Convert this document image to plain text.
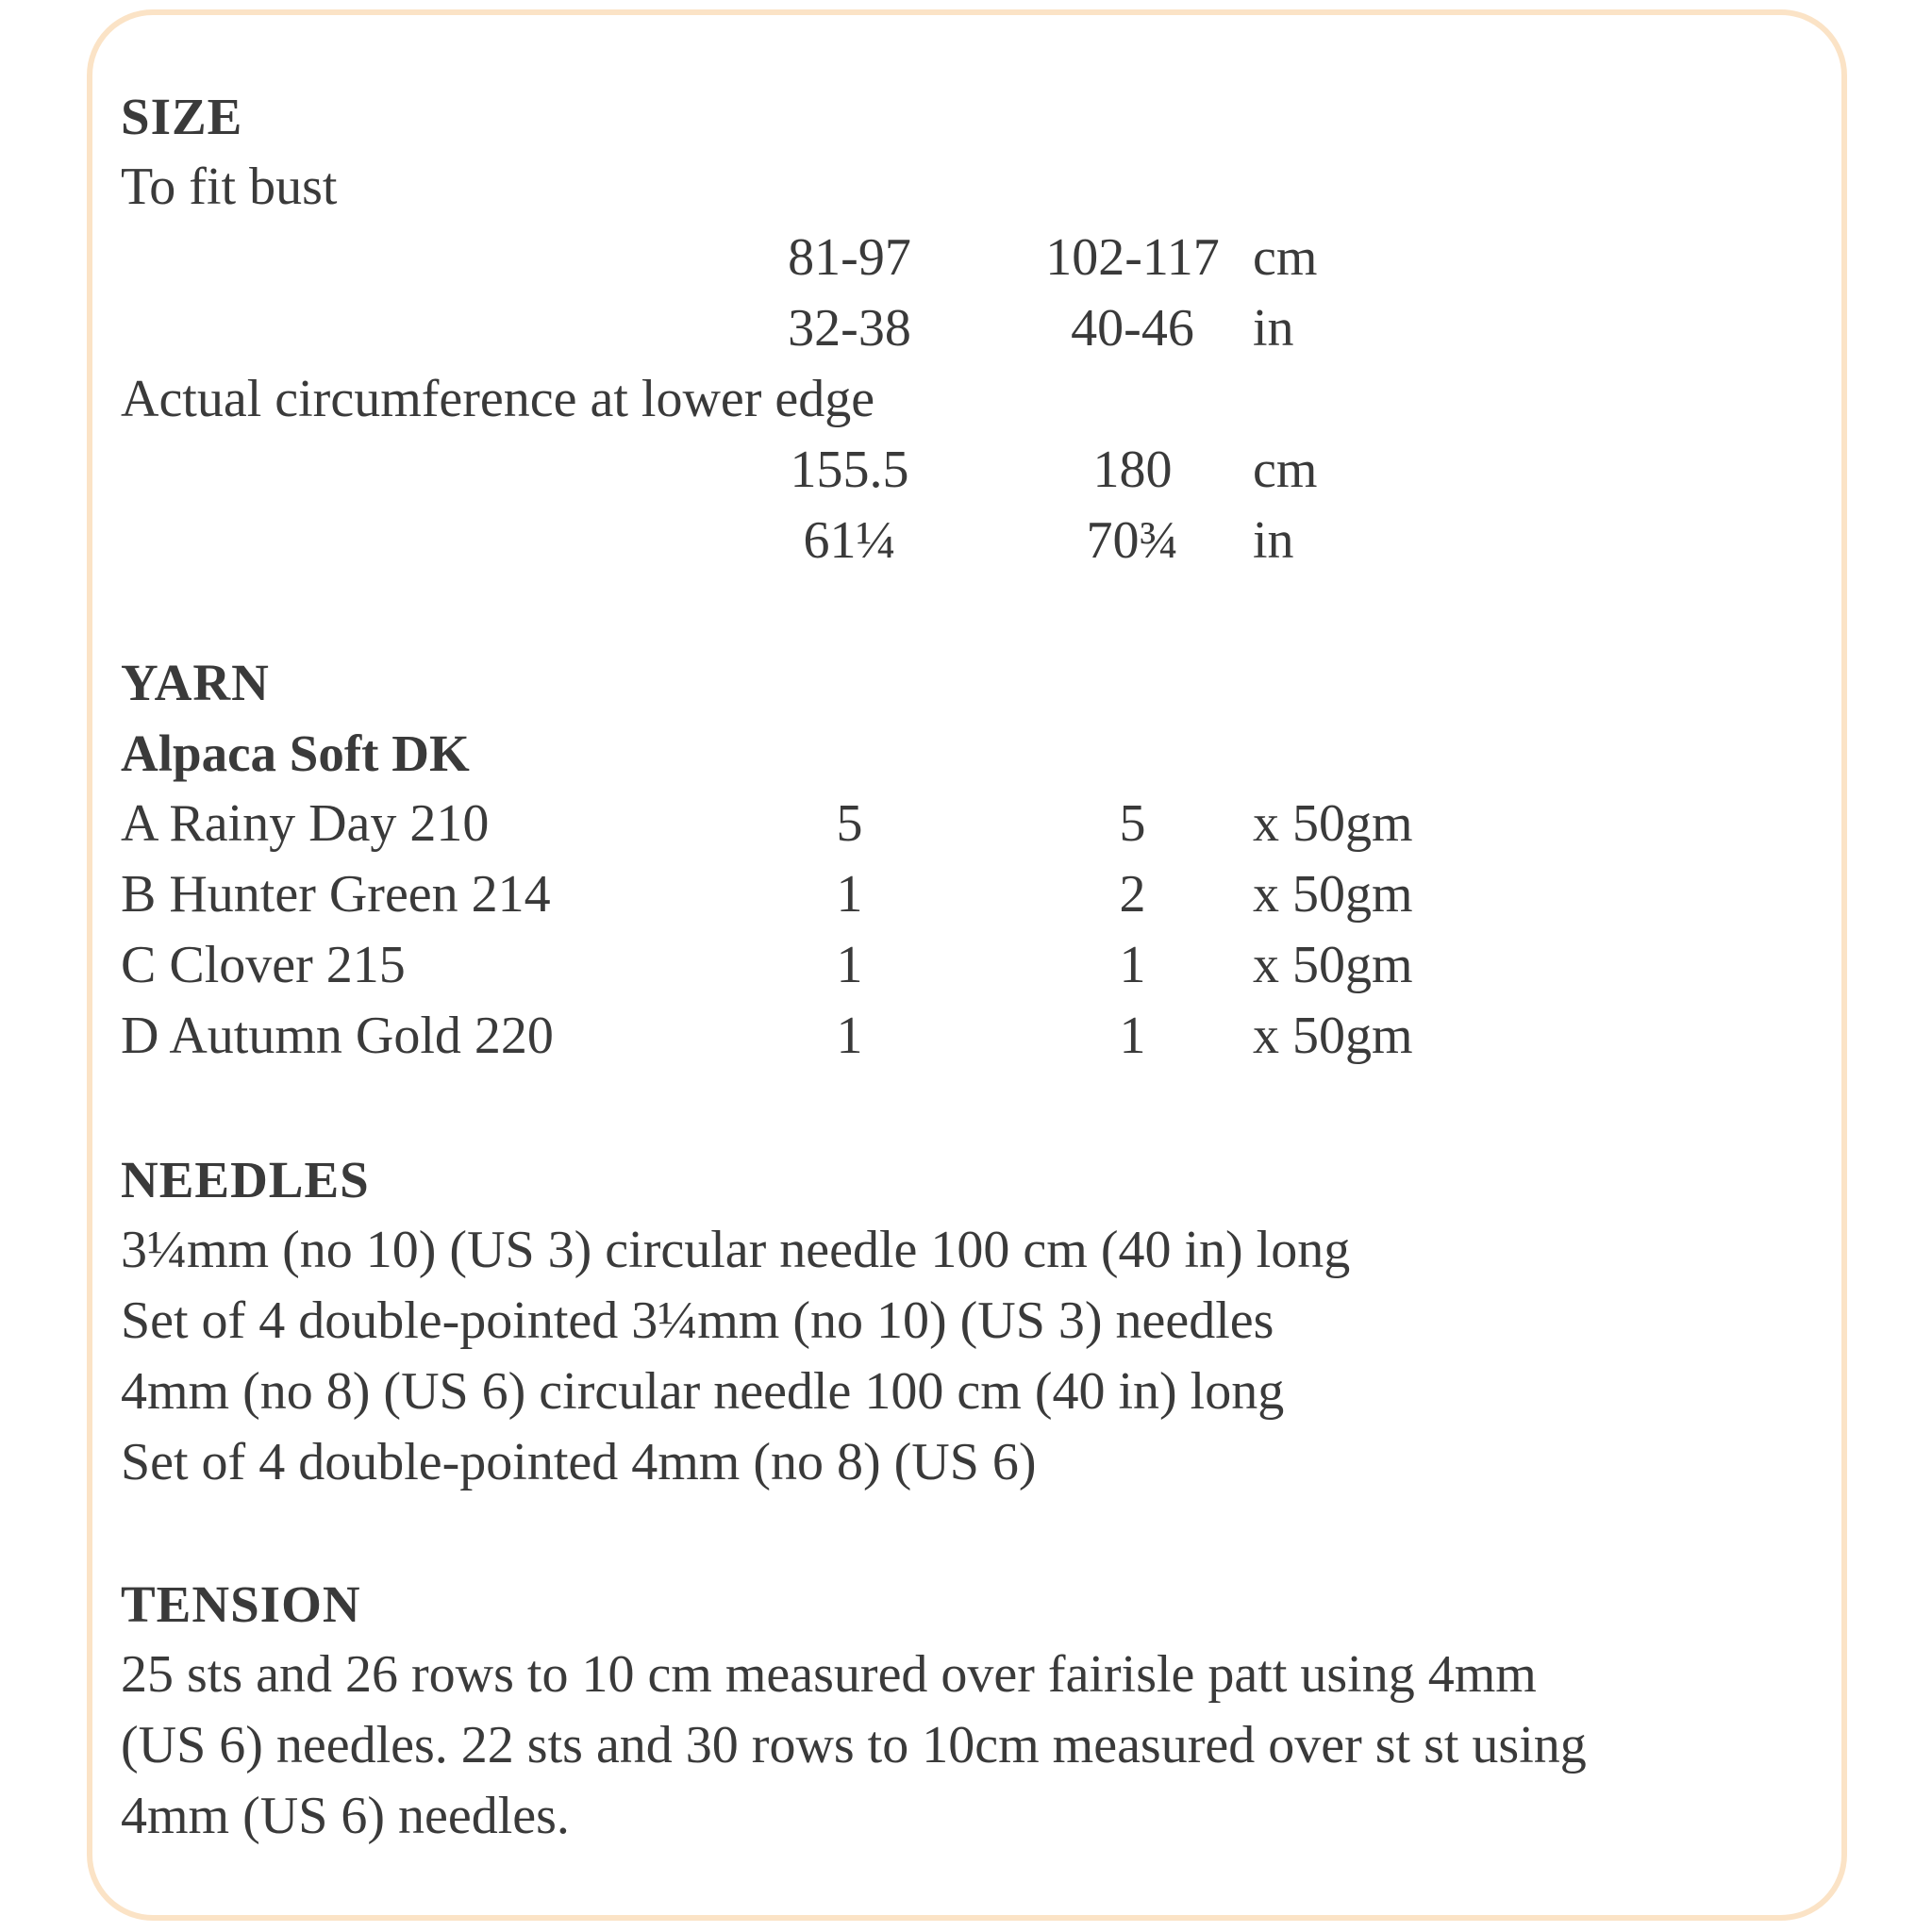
SIZE
To fit bust
81-97	102-117 cm
32-38	40-46	in
Actual circumference at lower edge
155.5	180	cm
61¼	70¾	in
YARN
Alpaca Soft DK
A Rainy Day 210	5	5	x 50gm
B Hunter Green 214	1	2	x 50gm
C Clover 215	1	1	x 50gm
D Autumn Gold 220	1	1	x 50gm
NEEDLES
3¼mm (no 10) (US 3) circular needle 100 cm (40 in) long
Set of 4 double-pointed 3¼mm (no 10) (US 3) needles
4mm (no 8) (US 6) circular needle 100 cm (40 in) long
Set of 4 double-pointed 4mm (no 8) (US 6)
TENSION
25 sts and 26 rows to 10 cm measured over fairisle patt using 4mm
(US 6) needles. 22 sts and 30 rows to 10cm measured over st st using
4mm (US 6) needles.
